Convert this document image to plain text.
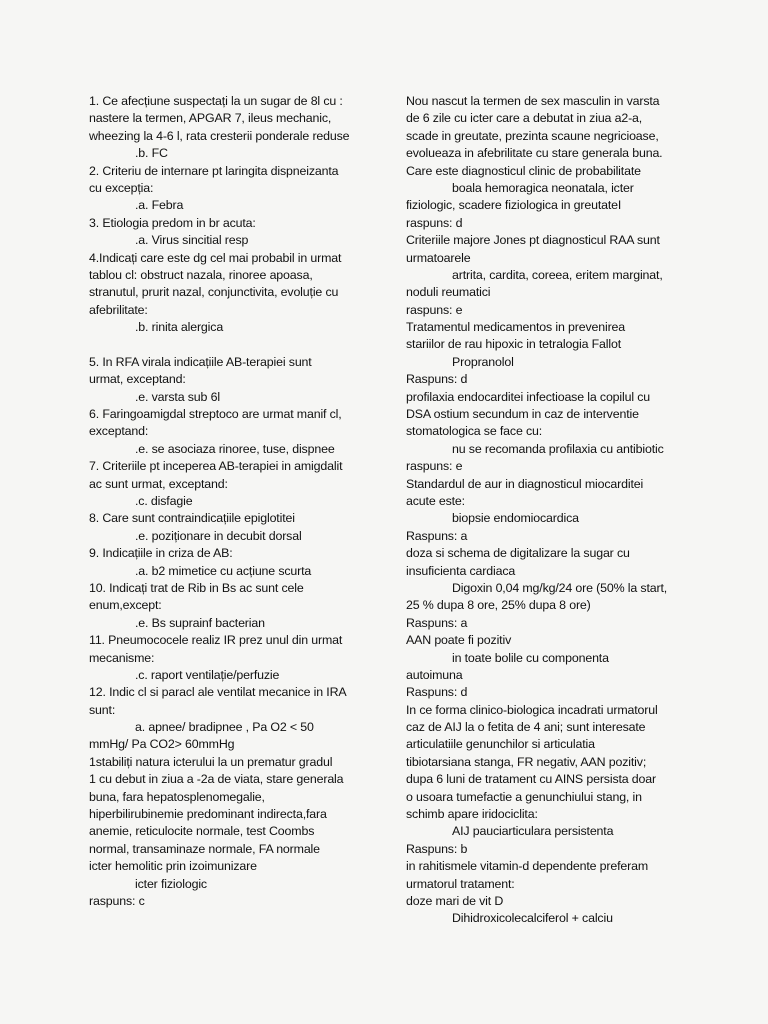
1. Ce afecțiune suspectați la un sugar de 8l cu :
nastere la termen, APGAR 7, ileus mechanic,
wheezing la 4-6 l, rata cresterii ponderale reduse
.b. FC
2. Criteriu de internare pt laringita dispneizanta
cu excepția:
.a. Febra
3. Etiologia predom in br acuta:
.a. Virus sincitial resp
4.Indicați care este dg cel mai probabil in urmat
tablou cl: obstruct nazala, rinoree apoasa,
stranutul, prurit nazal, conjunctivita, evoluție cu
afebrilitate:
.b. rinita alergica
5. In RFA virala indicațiile AB-terapiei sunt
urmat, exceptand:
.e. varsta sub 6l
6. Faringoamigdal streptoco are urmat manif cl,
exceptand:
.e. se asociaza rinoree, tuse, dispnee
7. Criteriile pt inceperea AB-terapiei in amigdalit
ac sunt urmat, exceptand:
.c. disfagie
8. Care sunt contraindicațiile epiglotitei
.e. poziționare in decubit dorsal
9. Indicațiile in criza de AB:
.a. b2 mimetice cu acțiune scurta
10. Indicați trat de Rib in Bs ac sunt cele
enum,except:
.e. Bs suprainf bacterian
11. Pneumococele realiz IR prez unul din urmat
mecanisme:
.c. raport ventilație/perfuzie
12. Indic cl si paracl ale ventilat mecanice in IRA
sunt:
a. apnee/ bradipnee , Pa O2 < 50
mmHg/ Pa CO2> 60mmHg
1stabiliți natura icterului la un prematur gradul
1 cu debut in ziua a -2a de viata, stare generala
buna, fara hepatosplenomegalie,
hiperbilirubinemie predominant indirecta,fara
anemie, reticulocite normale, test Coombs
normal, transaminaze normale, FA normale
icter hemolitic prin izoimunizare
icter fiziologic
raspuns: c
Nou nascut la termen de sex masculin in varsta
de 6 zile cu icter care a debutat in ziua a2-a,
scade in greutate, prezinta scaune negricioase,
evolueaza in afebrilitate cu stare generala buna.
Care este diagnosticul clinic de probabilitate
boala hemoragica neonatala, icter
fiziologic, scadere fiziologica in greutateI
raspuns: d
Criteriile majore Jones pt diagnosticul RAA sunt
urmatoarele
artrita, cardita, coreea, eritem marginat,
noduli reumatici
raspuns: e
Tratamentul medicamentos in prevenirea
stariilor de rau hipoxic in tetralogia Fallot
Propranolol
Raspuns: d
profilaxia endocarditei infectioase la copilul cu
DSA ostium secundum in caz de interventie
stomatologica se face cu:
nu se recomanda profilaxia cu antibiotic
raspuns: e
Standardul de aur in diagnosticul miocarditei
acute este:
biopsie endomiocardica
Raspuns: a
doza si schema de digitalizare la sugar cu
insuficienta cardiaca
Digoxin 0,04 mg/kg/24 ore (50% la start,
25 % dupa 8 ore, 25% dupa 8 ore)
Raspuns: a
AAN poate fi pozitiv
in toate bolile cu componenta
autoimuna
Raspuns: d
In ce forma clinico-biologica incadrati urmatorul
caz de AIJ la o fetita de 4 ani; sunt interesate
articulatiile genunchilor si articulatia
tibiotarsiana stanga, FR negativ, AAN pozitiv;
dupa 6 luni de tratament cu AINS persista doar
o usoara tumefactie a genunchiului stang, in
schimb apare iridociclita:
AIJ pauciarticulara persistenta
Raspuns: b
in rahitismele vitamin-d dependente preferam
urmatorul tratament:
doze mari de vit D
Dihidroxicolecalciferol + calciu
